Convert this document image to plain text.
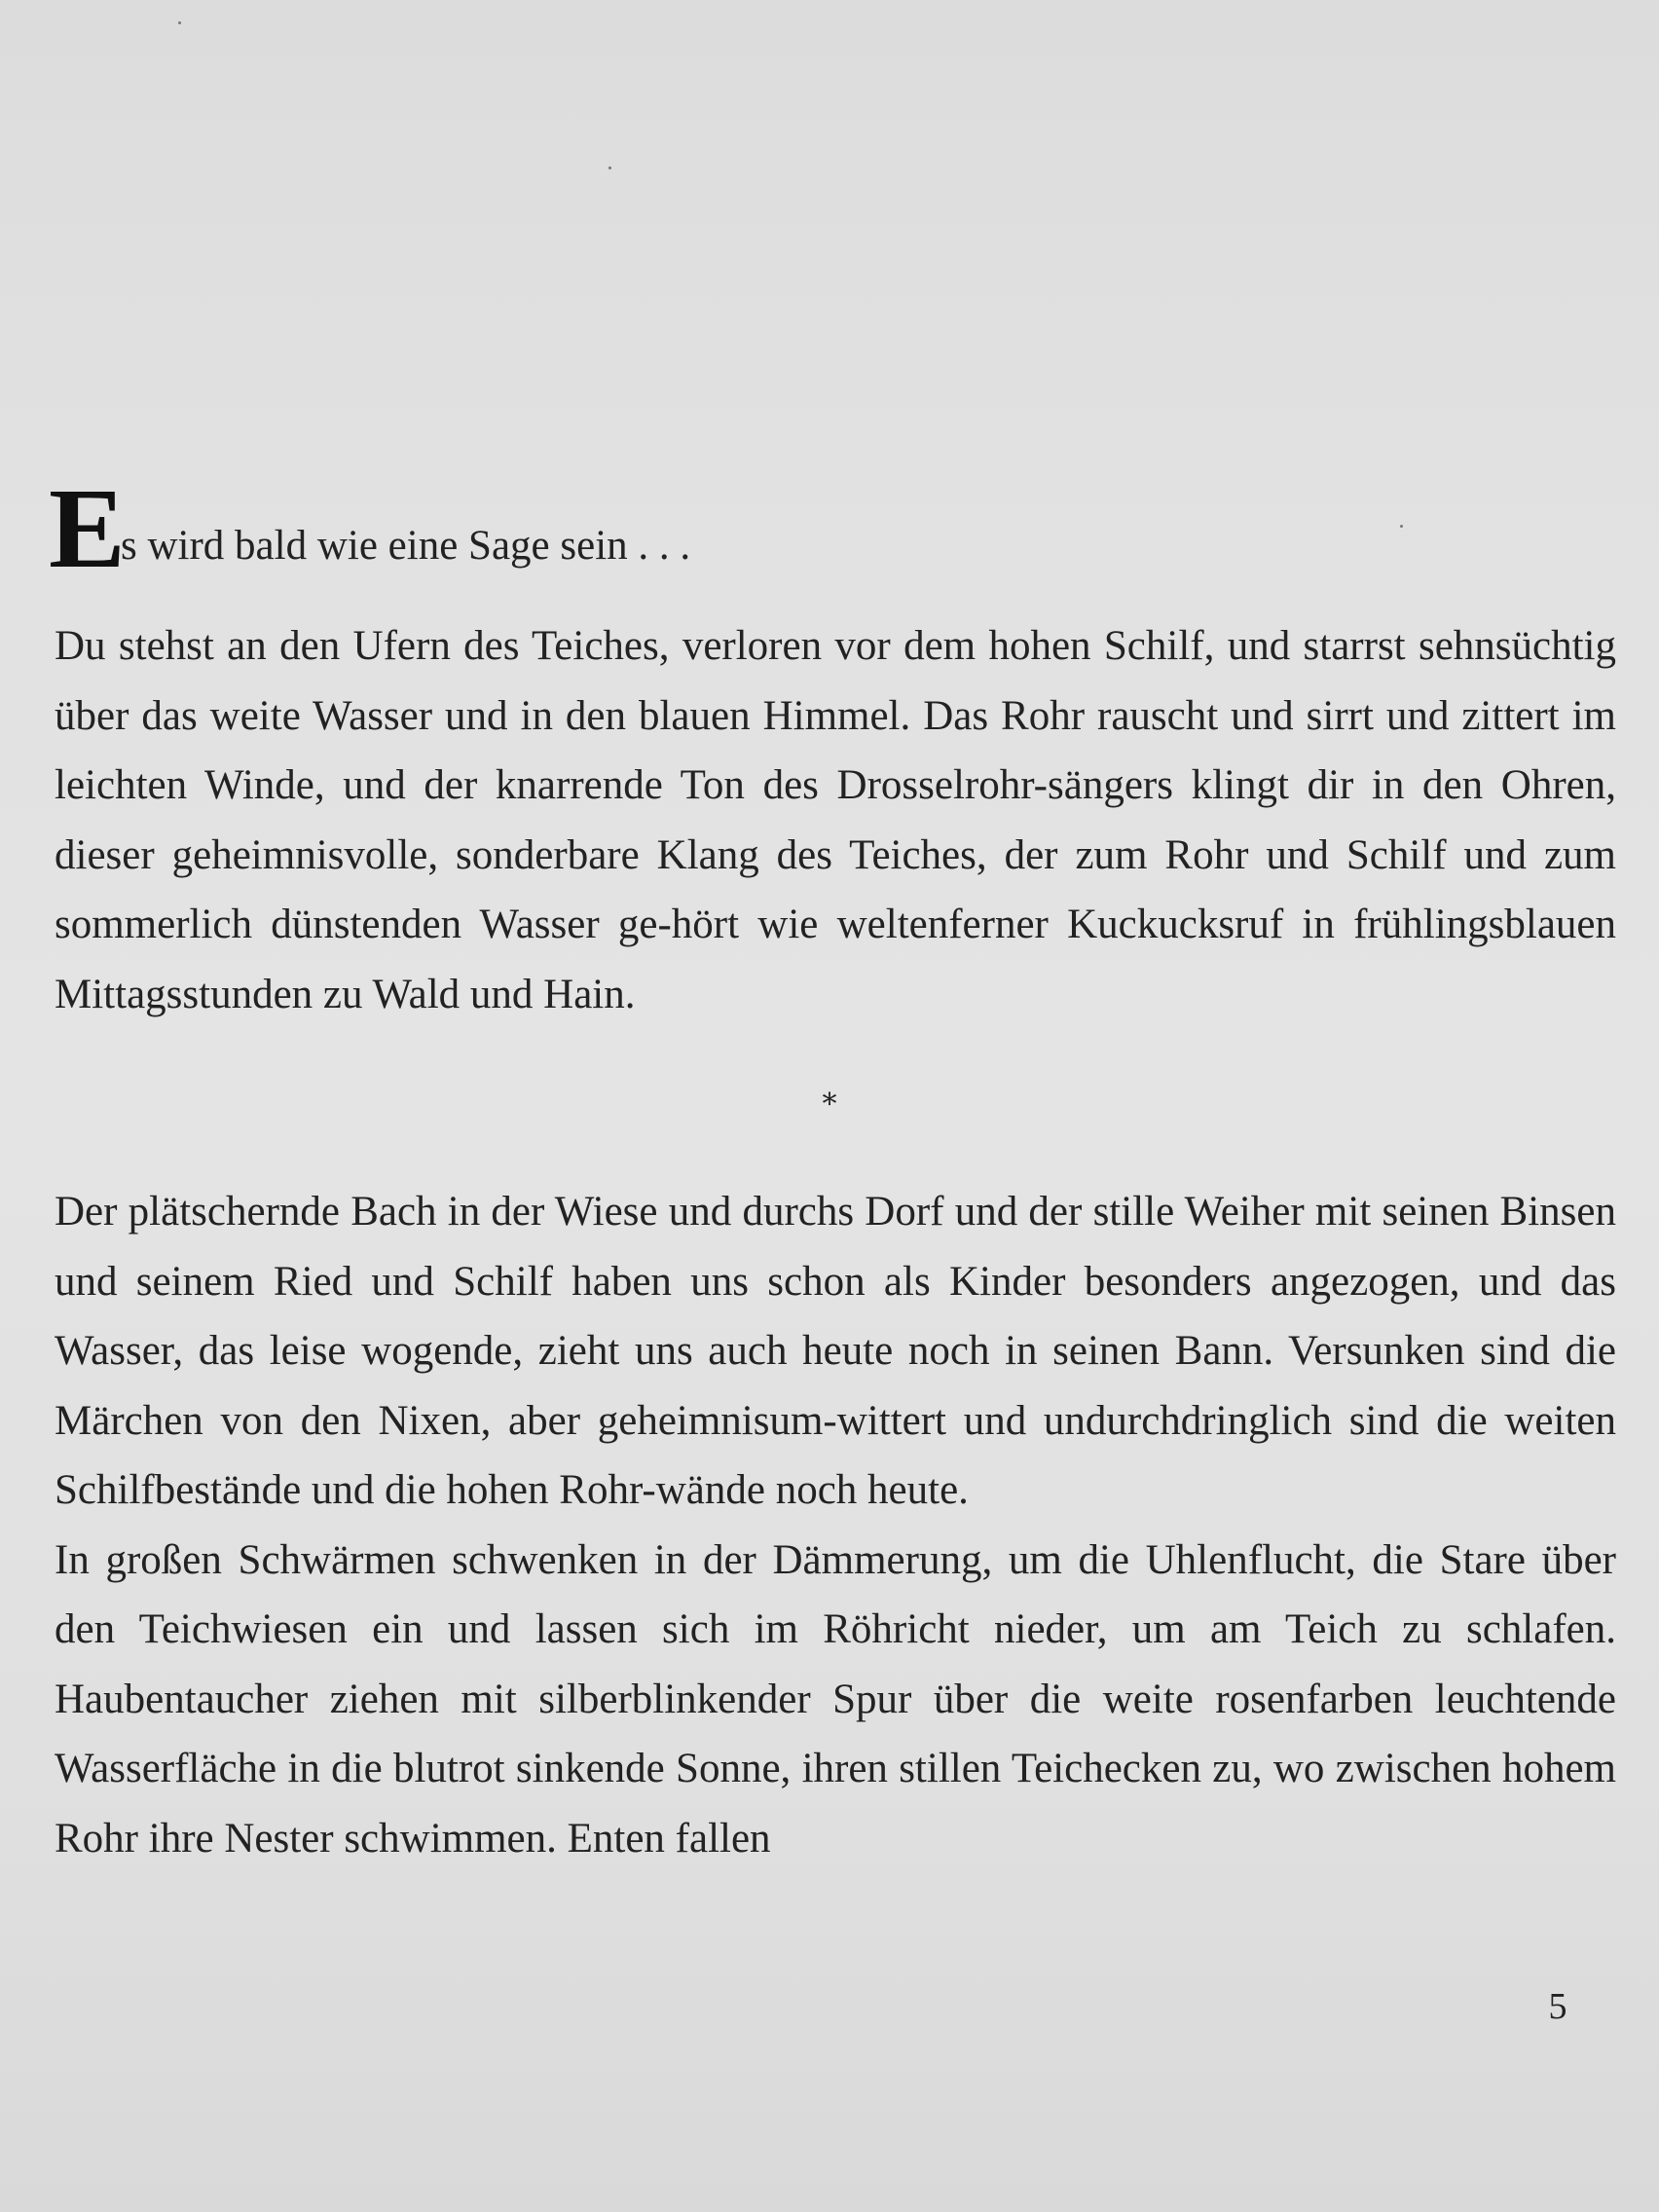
E
s wird bald wie eine Sage sein . . .

Du stehst an den Ufern des Teiches, verloren vor dem hohen Schilf, und starrst sehnsüchtig über das weite Wasser und in den blauen Himmel. Das Rohr rauscht und sirrt und zittert im leichten Winde, und der knarrende Ton des Drosselrohr-sängers klingt dir in den Ohren, dieser geheimnisvolle, sonderbare Klang des Teiches, der zum Rohr und Schilf und zum sommerlich dünstenden Wasser ge-hört wie weltenferner Kuckucksruf in frühlingsblauen Mittagsstunden zu Wald und Hain.

*

Der plätschernde Bach in der Wiese und durchs Dorf und der stille Weiher mit seinen Binsen und seinem Ried und Schilf haben uns schon als Kinder besonders angezogen, und das Wasser, das leise wogende, zieht uns auch heute noch in seinen Bann. Versunken sind die Märchen von den Nixen, aber geheimnisum-wittert und undurchdringlich sind die weiten Schilfbestände und die hohen Rohr-wände noch heute.

In großen Schwärmen schwenken in der Dämmerung, um die Uhlenflucht, die Stare über den Teichwiesen ein und lassen sich im Röhricht nieder, um am Teich zu schlafen. Haubentaucher ziehen mit silberblinkender Spur über die weite rosenfarben leuchtende Wasserfläche in die blutrot sinkende Sonne, ihren stillen Teichecken zu, wo zwischen hohem Rohr ihre Nester schwimmen. Enten fallen

5
